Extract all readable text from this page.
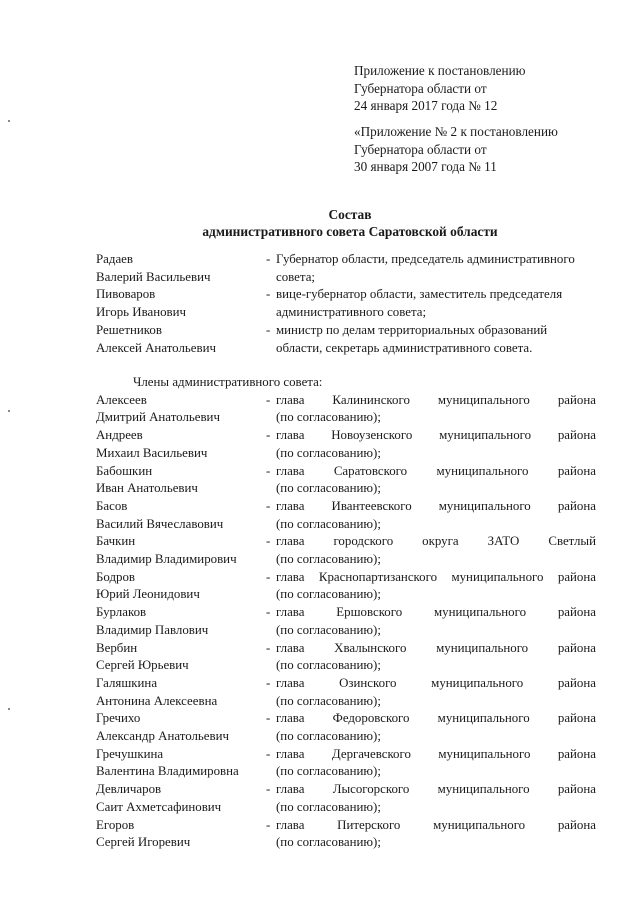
Приложение к постановлению
Губернатора области от
24 января 2017 года № 12
«Приложение № 2 к постановлению
Губернатора области от
30 января 2007 года № 11
Состав
административного совета Саратовской области
Радаев
Валерий Васильевич
- Губернатор области, председатель административного
совета;
Пивоваров
Игорь Иванович
- вице-губернатор области, заместитель председателя
административного совета;
Решетников
Алексей Анатольевич
- министр по делам территориальных образований
области, секретарь административного совета.
Члены административного совета:
Алексеев
Дмитрий Анатольевич
- глава Калининского муниципального района
(по согласованию);
Андреев
Михаил Васильевич
- глава Новоузенского муниципального района
(по согласованию);
Бабошкин
Иван Анатольевич
- глава Саратовского муниципального района
(по согласованию);
Басов
Василий Вячеславович
- глава Ивантеевского муниципального района
(по согласованию);
Бачкин
Владимир Владимирович
- глава городского округа ЗАТО Светлый
(по согласованию);
Бодров
Юрий Леонидович
- глава Краснопартизанского муниципального района
(по согласованию);
Бурлаков
Владимир Павлович
- глава Ершовского муниципального района
(по согласованию);
Вербин
Сергей Юрьевич
- глава Хвалынского муниципального района
(по согласованию);
Галяшкина
Антонина Алексеевна
- глава Озинского муниципального района
(по согласованию);
Гречихо
Александр Анатольевич
- глава Федоровского муниципального района
(по согласованию);
Гречушкина
Валентина Владимировна
- глава Дергачевского муниципального района
(по согласованию);
Девличаров
Саит Ахметсафинович
- глава Лысогорского муниципального района
(по согласованию);
Егоров
Сергей Игоревич
- глава Питерского муниципального района
(по согласованию);
